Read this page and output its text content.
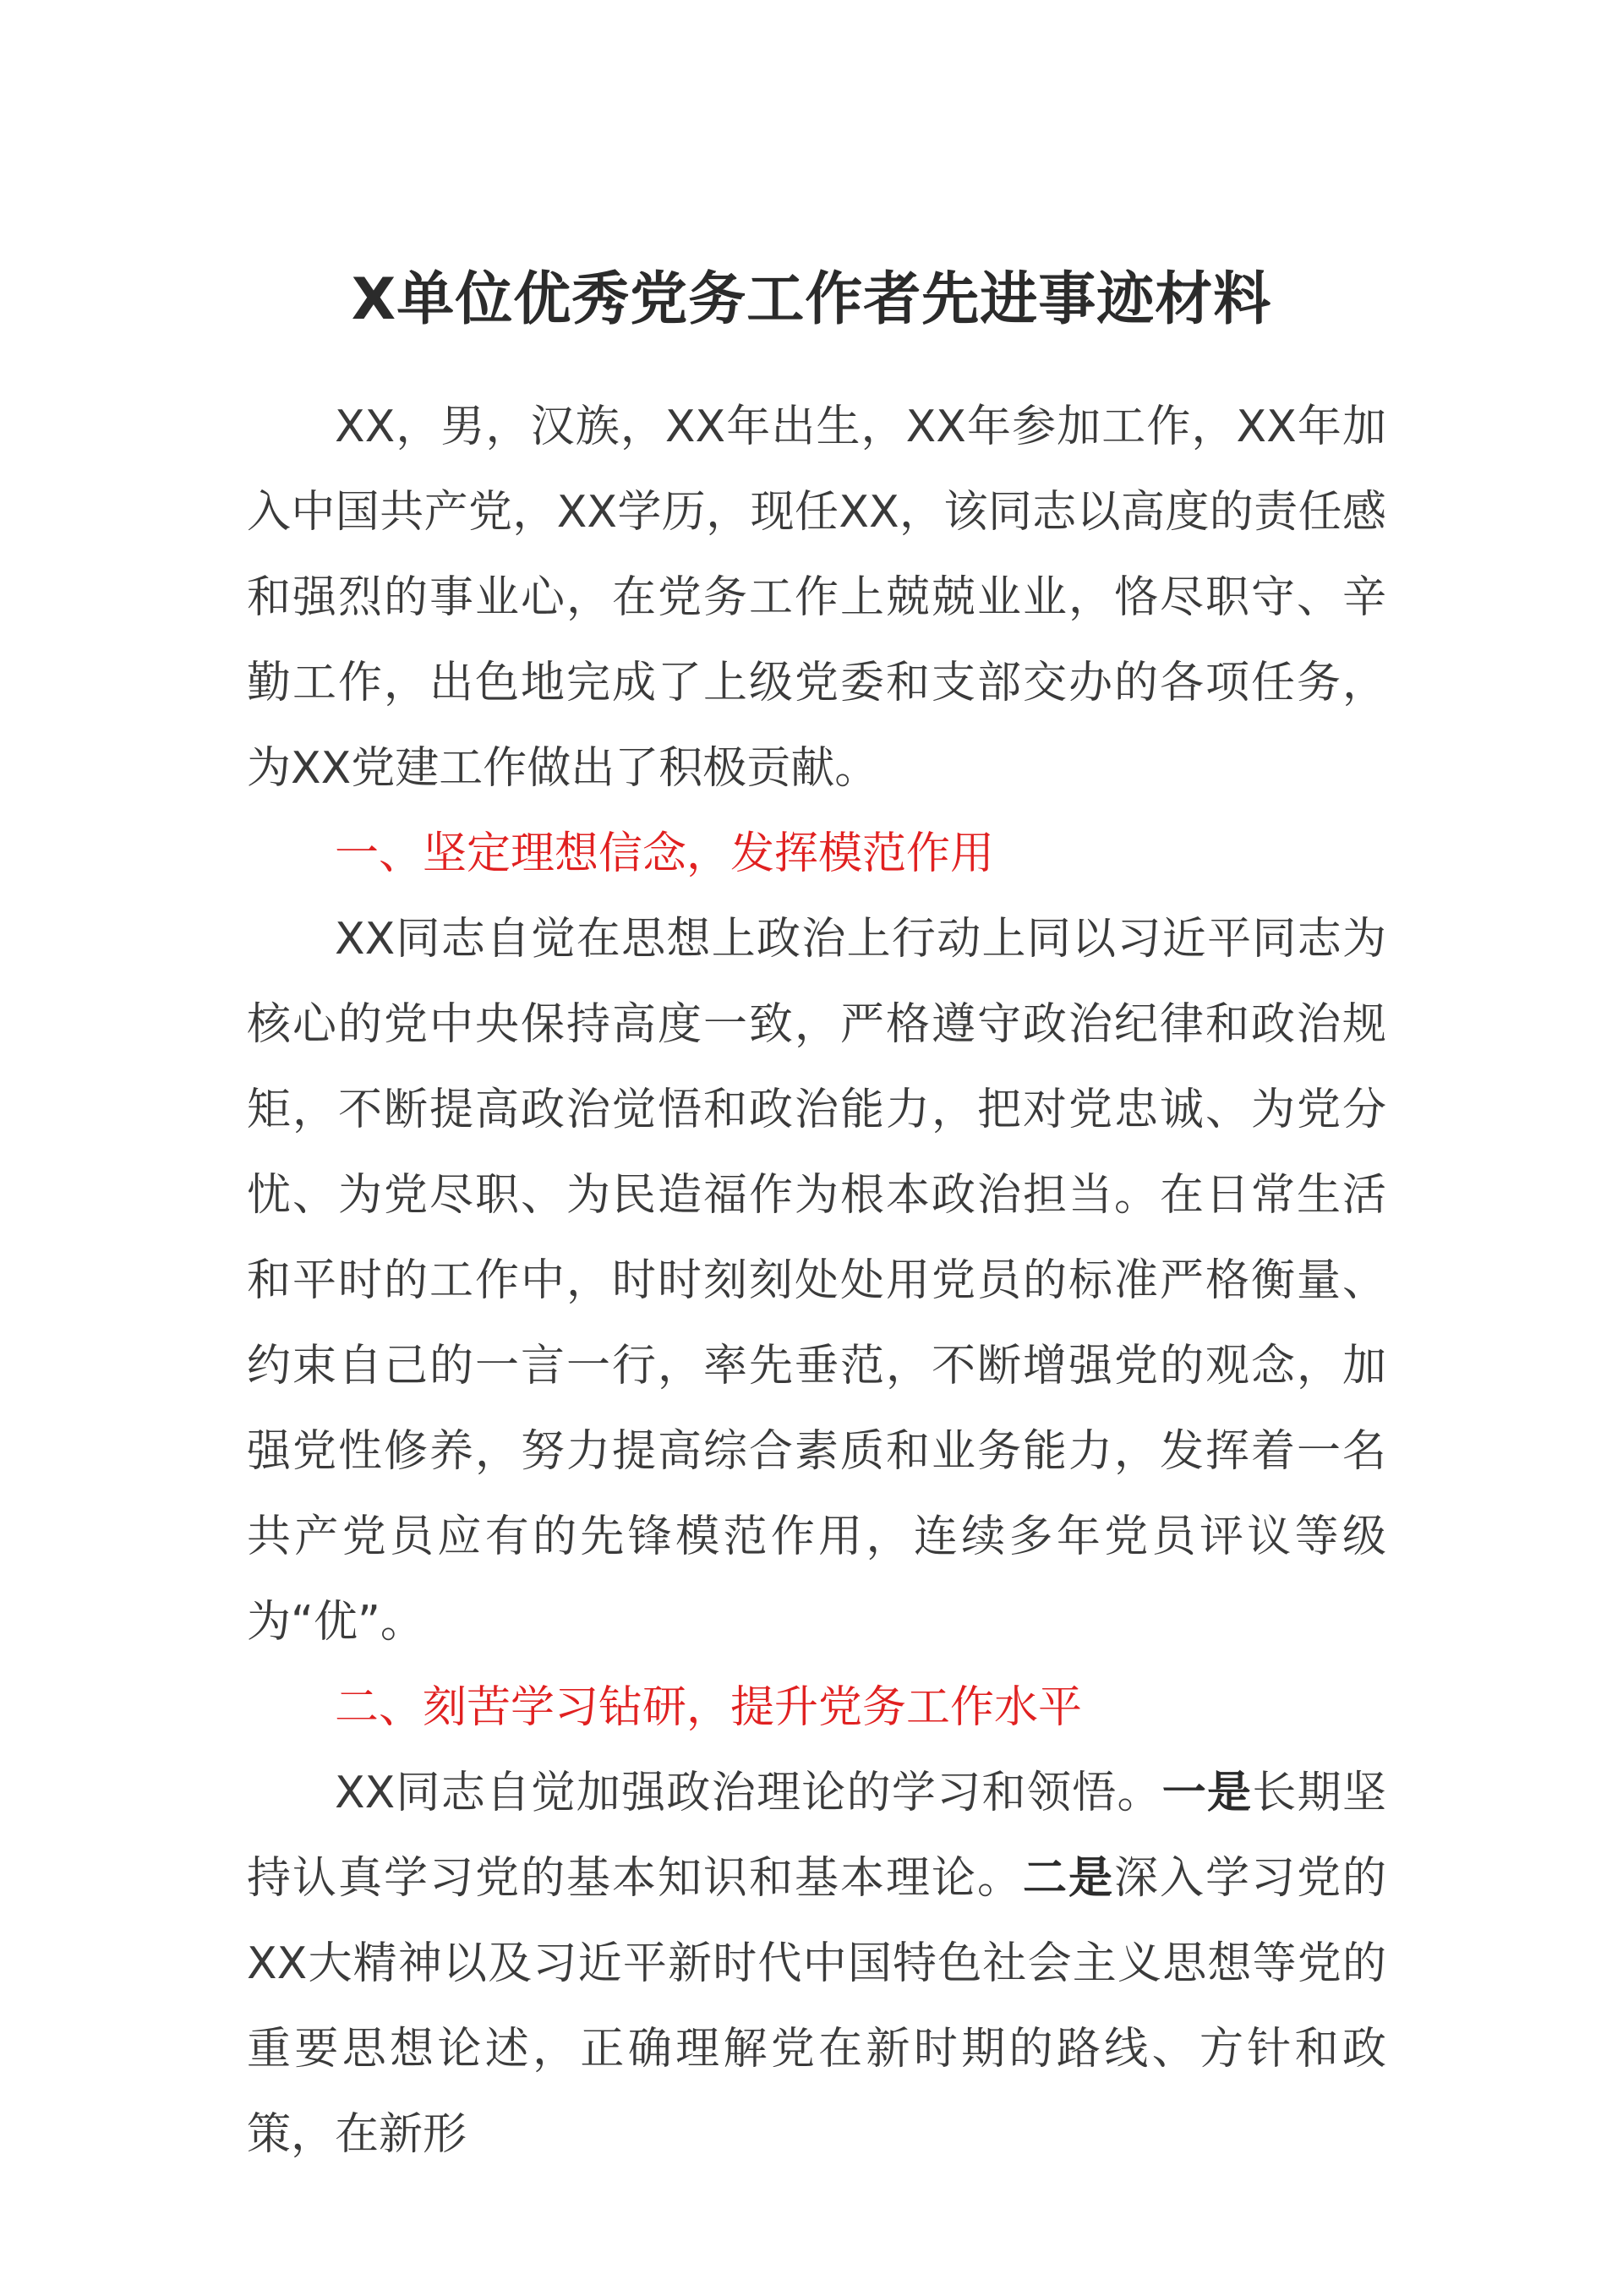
X单位优秀党务工作者先进事迹材料

XX，男，汉族，XX年出生，XX年参加工作，XX年加入中国共产党，XX学历，现任XX，该同志以高度的责任感和强烈的事业心，在党务工作上兢兢业业，恪尽职守、辛勤工作，出色地完成了上级党委和支部交办的各项任务，为XX党建工作做出了积极贡献。

一、坚定理想信念，发挥模范作用

XX同志自觉在思想上政治上行动上同以习近平同志为核心的党中央保持高度一致，严格遵守政治纪律和政治规矩，不断提高政治觉悟和政治能力，把对党忠诚、为党分忧、为党尽职、为民造福作为根本政治担当。在日常生活和平时的工作中，时时刻刻处处用党员的标准严格衡量、约束自己的一言一行，率先垂范，不断增强党的观念，加强党性修养，努力提高综合素质和业务能力，发挥着一名共产党员应有的先锋模范作用，连续多年党员评议等级为“优”。

二、刻苦学习钻研，提升党务工作水平

XX同志自觉加强政治理论的学习和领悟。一是长期坚持认真学习党的基本知识和基本理论。二是深入学习党的XX大精神以及习近平新时代中国特色社会主义思想等党的重要思想论述，正确理解党在新时期的路线、方针和政策，在新形
